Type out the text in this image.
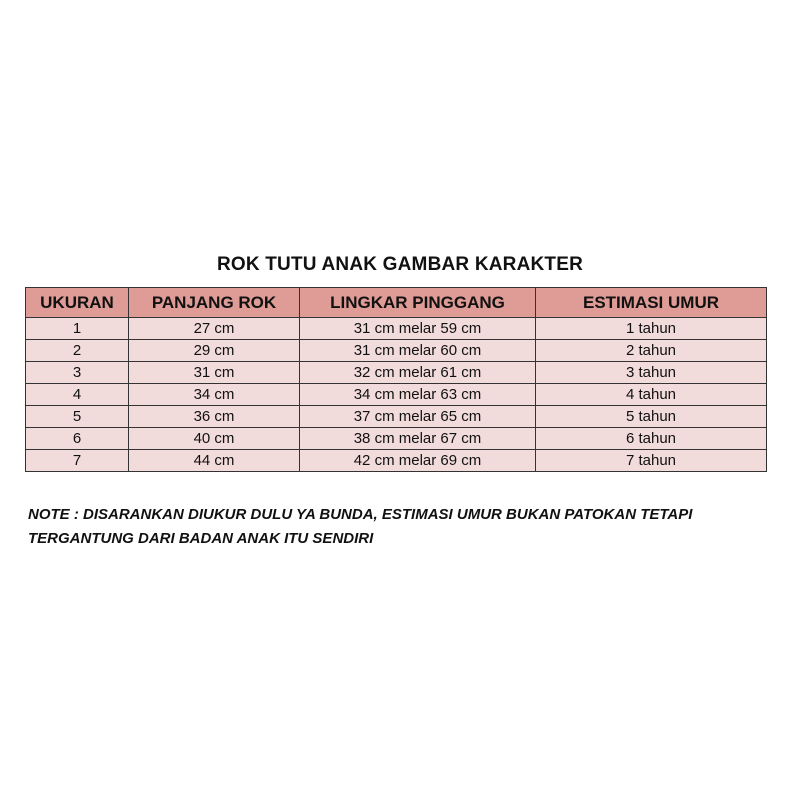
ROK TUTU ANAK GAMBAR KARAKTER
UKURAN	PANJANG ROK	LINGKAR PINGGANG	ESTIMASI UMUR
1	27 cm	31 cm melar 59 cm	1 tahun
2	29 cm	31 cm melar 60 cm	2 tahun
3	31 cm	32 cm melar 61 cm	3 tahun
4	34 cm	34 cm melar 63 cm	4 tahun
5	36 cm	37 cm melar 65 cm	5 tahun
6	40 cm	38 cm melar 67 cm	6 tahun
7	44 cm	42 cm melar 69 cm	7 tahun
NOTE : DISARANKAN DIUKUR DULU YA BUNDA, ESTIMASI UMUR BUKAN PATOKAN TETAPI
TERGANTUNG DARI BADAN ANAK ITU SENDIRI
